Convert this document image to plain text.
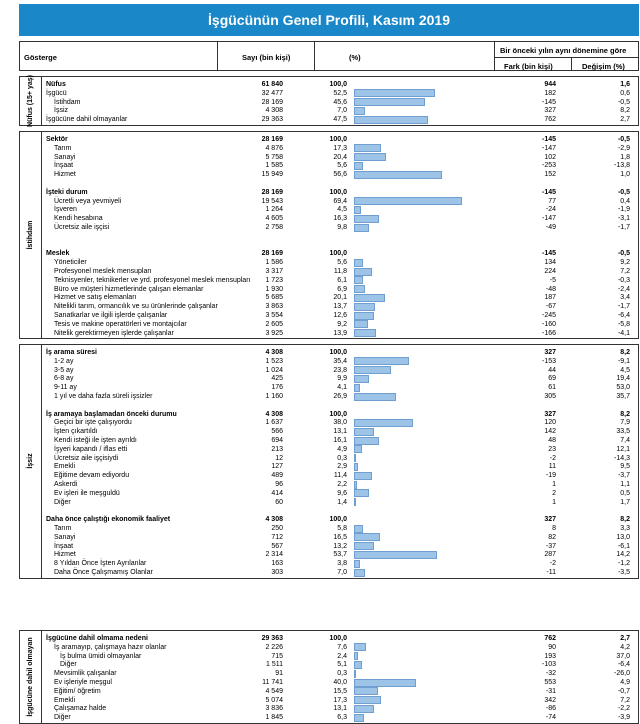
İşgücünün Genel Profili, Kasım 2019
Gösterge	Sayı (bin kişi)	(%)
Bir önceki yılın aynı dönemine göre
Fark (bin kişi)	Değişim (%)
Nüfus (15+ yaş) Nüfus	61 840	100,0	944	1,6
İşgücü	32 477	52,5	182	0,6
İstihdam	28 169	45,6	-145	-0,5
İşsiz	4 308	7,0	327	8,2
İşgücüne dahil olmayanlar	29 363	47,5	762	2,7
İstihdam
Sektör	28 169	100,0	-145	-0,5
Tarım	4 876	17,3	-147	-2,9
Sanayi	5 758	20,4	102	1,8
İnşaat	1 585	5,6	-253	-13,8
Hizmet	15 949	56,6	152	1,0
İşteki durum	28 169	100,0	-145	-0,5
Ücretli veya yevmiyeli	19 543	69,4	77	0,4
İşveren	1 264	4,5	-24	-1,9
Kendi hesabına	4 605	16,3	-147	-3,1
Ücretsiz aile işçisi	2 758	9,8	-49	-1,7
Meslek	28 169	100,0	-145	-0,5
Yöneticiler	1 586	5,6	134	9,2
Profesyonel meslek mensupları	3 317	11,8	224	7,2
Teknisyenler, teknikerler ve yrd. profesyonel meslek mensupları 1 723	6,1	-5	-0,3
Büro ve müşteri hizmetlerinde çalışan elemanlar	1 930	6,9	-48	-2,4
Hizmet ve satış elemanları	5 685	20,1	187	3,4
Nitelikli tarım, ormancılık ve su ürünlerinde çalışanlar	3 863	13,7	-67	-1,7
Sanatkarlar ve ilgili işlerde çalışanlar	3 554	12,6	-245	-6,4
Tesis ve makine operatörleri ve montajcılar	2 605	9,2	-160	-5,8
Nitelik gerektirmeyen işlerde çalışanlar	3 925	13,9	-166	-4,1
İşsiz
İş arama süresi	4 308	100,0	327	8,2
1-2 ay	1 523	35,4	-153	-9,1
3-5 ay	1 024	23,8	44	4,5
6-8 ay	425	9,9	69	19,4
9-11 ay	176	4,1	61	53,0
1 yıl ve daha fazla süreli işsizler	1 160	26,9	305	35,7
İş aramaya başlamadan önceki durumu	4 308	100,0	327	8,2
Geçici bir işte çalışıyordu	1 637	38,0	120	7,9
İşten çıkartıldı	566	13,1	142	33,5
Kendi isteği ile işten ayrıldı	694	16,1	48	7,4
İşyeri kapandı / iflas etti	213	4,9	23	12,1
Ücretsiz aile işçisiydi	12	0,3	-2	-14,3
Emekli	127	2,9	11	9,5
Eğitime devam ediyordu	489	11,4	-19	-3,7
Askerdi	96	2,2	1	1,1
Ev işleri ile meşguldü	414	9,6	2	0,5
Diğer	60	1,4	1	1,7
Daha önce çalıştığı ekonomik faaliyet	4 308	100,0	327	8,2
Tarım	250	5,8	8	3,3
Sanayi	712	16,5	82	13,0
İnşaat	567	13,2	-37	-6,1
Hizmet	2 314	53,7	287	14,2
8 Yıldan Önce İşten Ayrılanlar	163	3,8	-2	-1,2
Daha Önce Çalışmamış Olanlar	303	7,0	-11	-3,5
İşgücüne dahil olmayan İşgücüne dahil olmama nedeni	29 363	100,0	762	2,7
İş aramayıp, çalışmaya hazır olanlar	2 226	7,6	90	4,2
İş bulma ümidi olmayanlar	715	2,4	193	37,0
Diğer	1 511	5,1	-103	-6,4
Mevsimlik çalışanlar	91	0,3	-32	-26,0
Ev işleriyle meşgul	11 741	40,0	553	4,9
Eğitim/ öğretim	4 549	15,5	-31	-0,7
Emekli	5 074	17,3	342	7,2
Çalışamaz halde	3 836	13,1	-86	-2,2
Diğer	1 845	6,3	-74	-3,9
